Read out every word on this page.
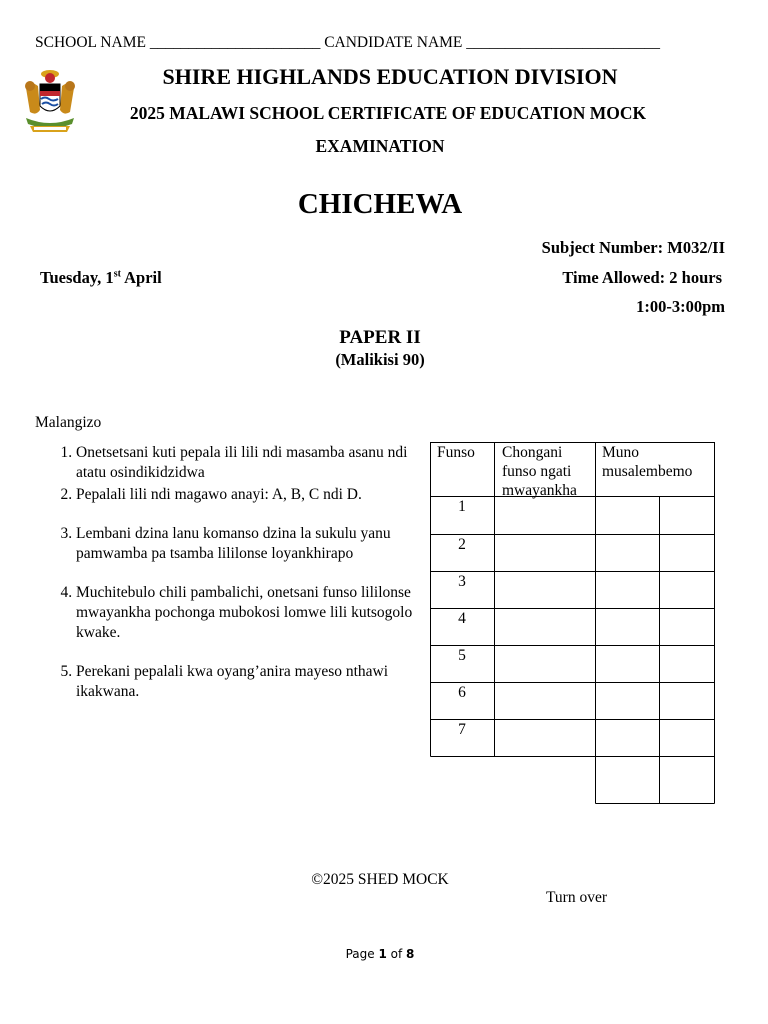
SCHOOL NAME ______________________ CANDIDATE NAME _________________________
SHIRE HIGHLANDS EDUCATION DIVISION
2025 MALAWI SCHOOL CERTIFICATE OF EDUCATION MOCK
EXAMINATION
CHICHEWA
Subject Number: M032/II
Tuesday, 1st April	Time Allowed: 2 hours
1:00-3:00pm
PAPER II
(Malikisi 90)
Malangizo
1. Onetsetsani kuti pepala ili lili ndi masamba asanu ndi atatu osindikidzidwa
2. Pepalali lili ndi magawo anayi: A, B, C ndi D.
3. Lembani dzina lanu komanso dzina la sukulu yanu pamwamba pa tsamba lililonse loyankhirapo
4. Muchitebulo chili pambalichi, onetsani funso lililonse mwayankha pochonga mubokosi lomwe lili kutsogolo kwake.
5. Perekani pepalali kwa oyang’anira mayeso nthawi ikakwana.
Funso Chongani funso ngati mwayankha
Muno musalembemo
1
2
3
4
5
6
7
©2025 SHED MOCK
Turn over
Page 1 of 8
